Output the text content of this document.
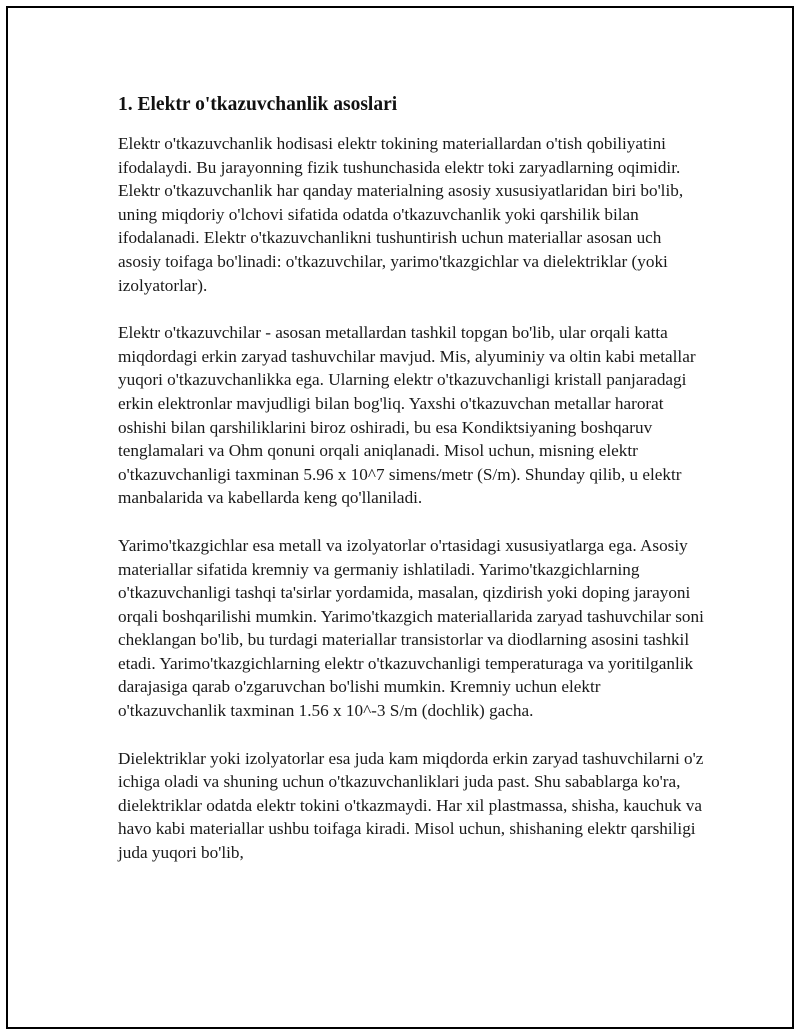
1. Elektr o'tkazuvchanlik asoslari

Elektr o'tkazuvchanlik hodisasi elektr tokining materiallardan o'tish qobiliyatini ifodalaydi. Bu jarayonning fizik tushunchasida elektr toki zaryadlarning oqimidir. Elektr o'tkazuvchanlik har qanday materialning asosiy xususiyatlaridan biri bo'lib, uning miqdoriy o'lchovi sifatida odatda o'tkazuvchanlik yoki qarshilik bilan ifodalanadi. Elektr o'tkazuvchanlikni tushuntirish uchun materiallar asosan uch asosiy toifaga bo'linadi: o'tkazuvchilar, yarimo'tkazgichlar va dielektriklar (yoki izolyatorlar).

Elektr o'tkazuvchilar - asosan metallardan tashkil topgan bo'lib, ular orqali katta miqdordagi erkin zaryad tashuvchilar mavjud. Mis, alyuminiy va oltin kabi metallar yuqori o'tkazuvchanlikka ega. Ularning elektr o'tkazuvchanligi kristall panjaradagi erkin elektronlar mavjudligi bilan bog'liq. Yaxshi o'tkazuvchan metallar harorat oshishi bilan qarshiliklarini biroz oshiradi, bu esa Kondiktsiyaning boshqaruv tenglamalari va Ohm qonuni orqali aniqlanadi. Misol uchun, misning elektr o'tkazuvchanligi taxminan 5.96 x 10^7 simens/metr (S/m). Shunday qilib, u elektr manbalarida va kabellarda keng qo'llaniladi.

Yarimo'tkazgichlar esa metall va izolyatorlar o'rtasidagi xususiyatlarga ega. Asosiy materiallar sifatida kremniy va germaniy ishlatiladi. Yarimo'tkazgichlarning o'tkazuvchanligi tashqi ta'sirlar yordamida, masalan, qizdirish yoki doping jarayoni orqali boshqarilishi mumkin. Yarimo'tkazgich materiallarida zaryad tashuvchilar soni cheklangan bo'lib, bu turdagi materiallar transistorlar va diodlarning asosini tashkil etadi. Yarimo'tkazgichlarning elektr o'tkazuvchanligi temperaturaga va yoritilganlik darajasiga qarab o'zgaruvchan bo'lishi mumkin. Kremniy uchun elektr o'tkazuvchanlik taxminan 1.56 x 10^-3 S/m (dochlik) gacha.

Dielektriklar yoki izolyatorlar esa juda kam miqdorda erkin zaryad tashuvchilarni o'z ichiga oladi va shuning uchun o'tkazuvchanliklari juda past. Shu sabablarga ko'ra, dielektriklar odatda elektr tokini o'tkazmaydi. Har xil plastmassa, shisha, kauchuk va havo kabi materiallar ushbu toifaga kiradi. Misol uchun, shishaning elektr qarshiligi juda yuqori bo'lib,
